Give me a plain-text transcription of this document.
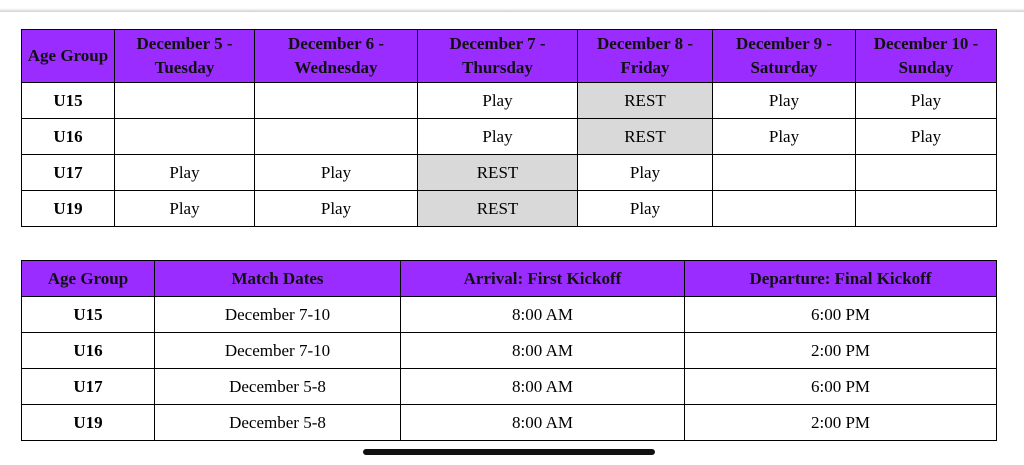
Age Group	December 5 - Tuesday	December 6 - Wednesday	December 7 - Thursday	December 8 - Friday	December 9 - Saturday	December 10 - Sunday
U15			Play	REST	Play	Play
U16			Play	REST	Play	Play
U17	Play	Play	REST	Play		
U19	Play	Play	REST	Play		
Age Group	Match Dates	Arrival: First Kickoff	Departure: Final Kickoff
U15	December 7-10	8:00 AM	6:00 PM
U16	December 7-10	8:00 AM	2:00 PM
U17	December 5-8	8:00 AM	6:00 PM
U19	December 5-8	8:00 AM	2:00 PM
